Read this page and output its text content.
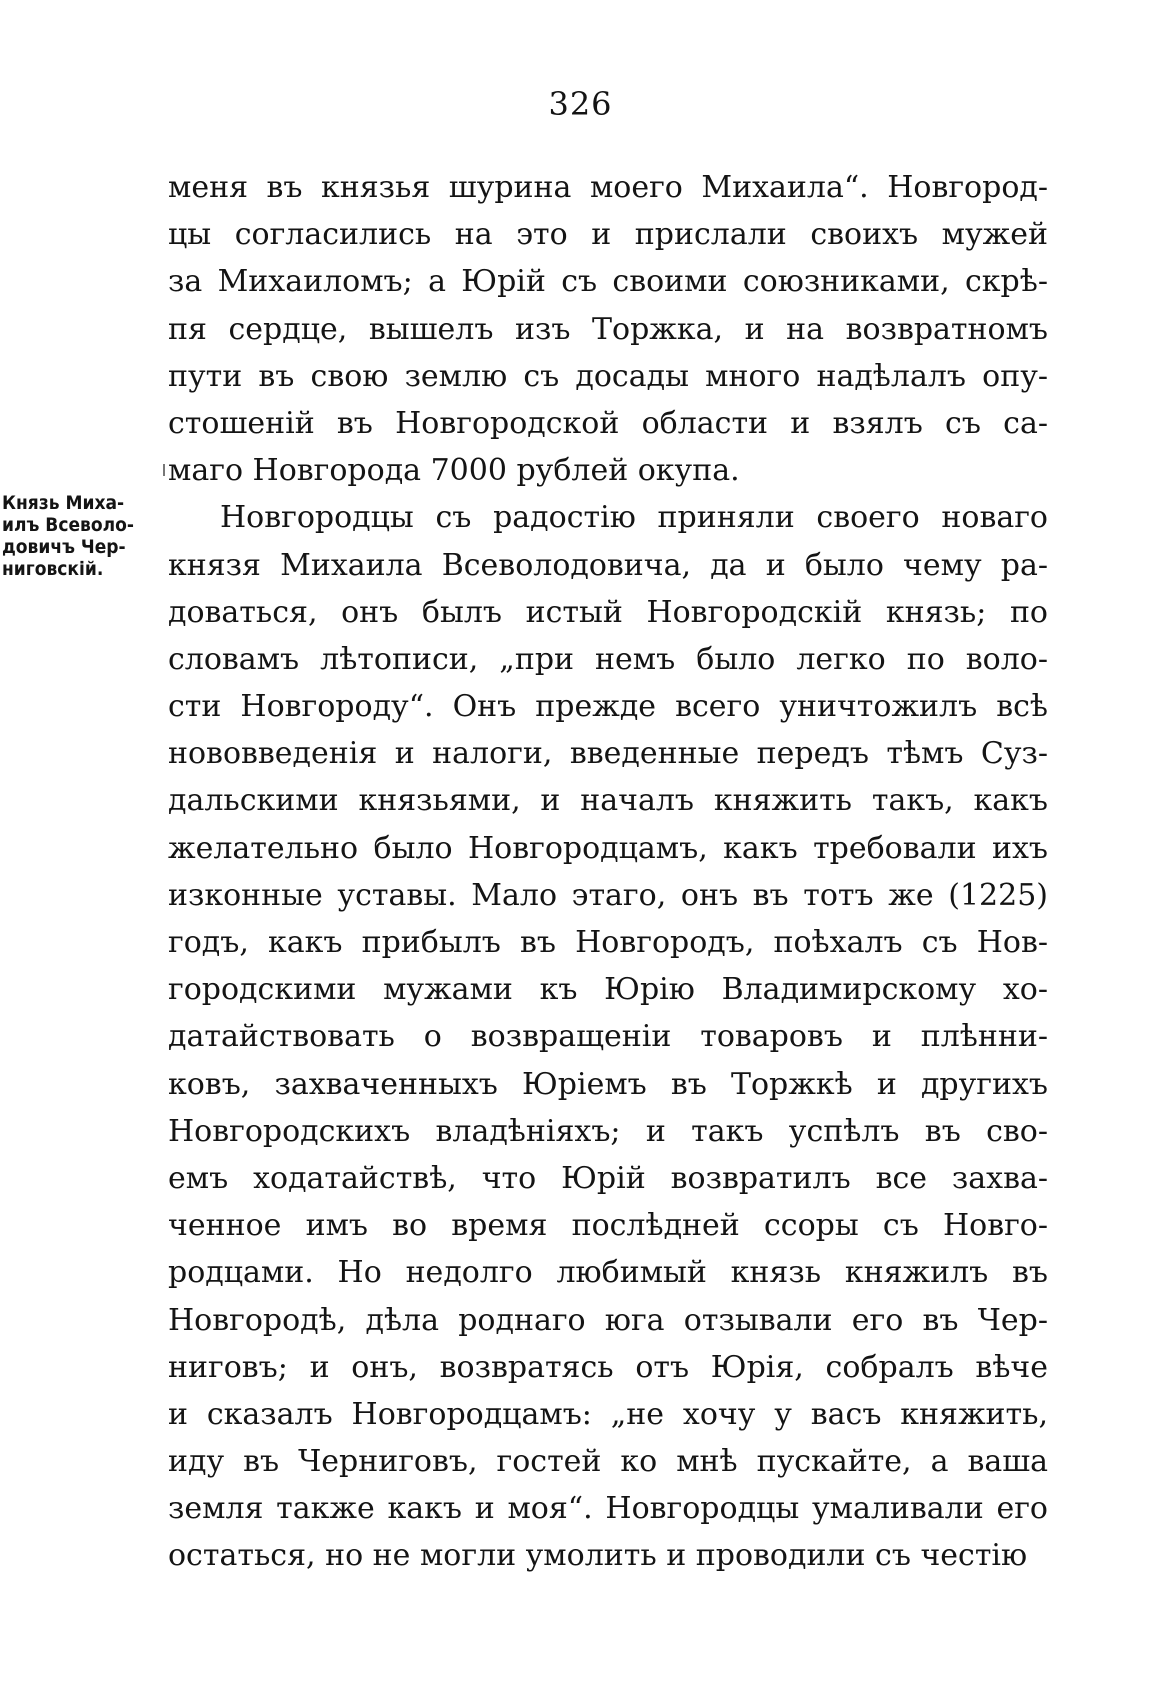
326
Князь Миха-
илъ Всеволо-
довичъ Чер-
ниговскій.
меня въ князья шурина моего Михаила“. Новгород-
цы согласились на это и прислали своихъ мужей
за Михаиломъ; а Юрій съ своими союзниками, скрѣ-
пя сердце, вышелъ изъ Торжка, и на возвратномъ
пути въ свою землю съ досады много надѣлалъ опу-
стошеній въ Новгородской области и взялъ съ са-
маго Новгорода 7000 рублей окупа.
Новгородцы съ радостію приняли своего новаго
князя Михаила Всеволодовича, да и было чему ра-
доваться, онъ былъ истый Новгородскій князь; по
словамъ лѣтописи, „при немъ было легко по воло-
сти Новгороду“. Онъ прежде всего уничтожилъ всѣ
нововведенія и налоги, введенные передъ тѣмъ Суз-
дальскими князьями, и началъ княжить такъ, какъ
желательно было Новгородцамъ, какъ требовали ихъ
изконные уставы. Мало этаго, онъ въ тотъ же (1225)
годъ, какъ прибылъ въ Новгородъ, поѣхалъ съ Нов-
городскими мужами къ Юрію Владимирскому хо-
датайствовать о возвращеніи товаровъ и плѣнни-
ковъ, захваченныхъ Юріемъ въ Торжкѣ и другихъ
Новгородскихъ владѣніяхъ; и такъ успѣлъ въ сво-
емъ ходатайствѣ, что Юрій возвратилъ все захва-
ченное имъ во время послѣдней ссоры съ Новго-
родцами. Но недолго любимый князь княжилъ въ
Новгородѣ, дѣла роднаго юга отзывали его въ Чер-
ниговъ; и онъ, возвратясь отъ Юрія, собралъ вѣче
и сказалъ Новгородцамъ: „не хочу у васъ княжить,
иду въ Черниговъ, гостей ко мнѣ пускайте, а ваша
земля также какъ и моя“. Новгородцы умаливали его
остаться, но не могли умолить и проводили съ честію
